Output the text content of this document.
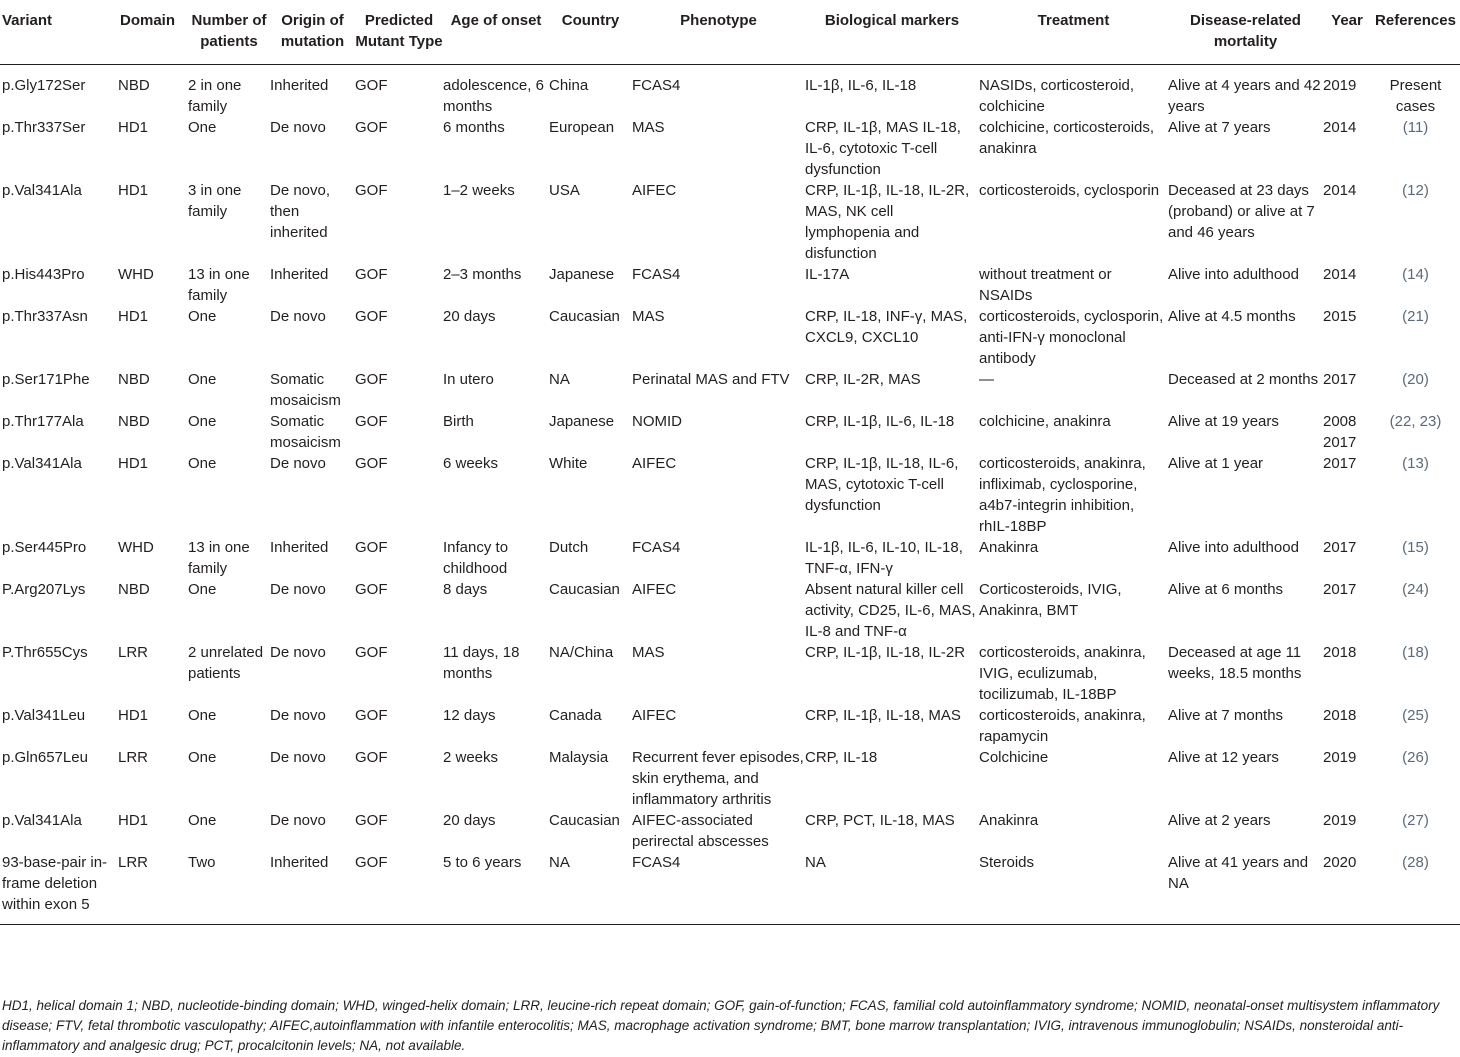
Variant	Domain	Number of patients	Origin of mutation	Predicted Mutant Type	Age of onset	Country	Phenotype	Biological markers	Treatment	Disease-related mortality	Year	References
p.Gly172Ser	NBD	2 in one family	Inherited	GOF	adolescence, 6 months	China	FCAS4	IL-1β, IL-6, IL-18	NASIDs, corticosteroid, colchicine	Alive at 4 years and 42 years	2019	Present cases
p.Thr337Ser	HD1	One	De novo	GOF	6 months	European	MAS	CRP, IL-1β, MAS IL-18, IL-6, cytotoxic T-cell dysfunction	colchicine, corticosteroids, anakinra	Alive at 7 years	2014	(11)
p.Val341Ala	HD1	3 in one family	De novo, then inherited	GOF	1–2 weeks	USA	AIFEC	CRP, IL-1β, IL-18, IL-2R, MAS, NK cell lymphopenia and disfunction	corticosteroids, cyclosporin	Deceased at 23 days (proband) or alive at 7 and 46 years	2014	(12)
p.His443Pro	WHD	13 in one family	Inherited	GOF	2–3 months	Japanese	FCAS4	IL-17A	without treatment or NSAIDs	Alive into adulthood	2014	(14)
p.Thr337Asn	HD1	One	De novo	GOF	20 days	Caucasian	MAS	CRP, IL-18, INF-γ, MAS, CXCL9, CXCL10	corticosteroids, cyclosporin, anti-IFN-γ monoclonal antibody	Alive at 4.5 months	2015	(21)
p.Ser171Phe	NBD	One	Somatic mosaicism	GOF	In utero	NA	Perinatal MAS and FTV	CRP, IL-2R, MAS	—	Deceased at 2 months	2017	(20)
p.Thr177Ala	NBD	One	Somatic mosaicism	GOF	Birth	Japanese	NOMID	CRP, IL-1β, IL-6, IL-18	colchicine, anakinra	Alive at 19 years	2008 2017	(22, 23)
p.Val341Ala	HD1	One	De novo	GOF	6 weeks	White	AIFEC	CRP, IL-1β, IL-18, IL-6, MAS, cytotoxic T-cell dysfunction	corticosteroids, anakinra, infliximab, cyclosporine, a4b7-integrin inhibition, rhIL-18BP	Alive at 1 year	2017	(13)
p.Ser445Pro	WHD	13 in one family	Inherited	GOF	Infancy to childhood	Dutch	FCAS4	IL-1β, IL-6, IL-10, IL-18, TNF-α, IFN-γ	Anakinra	Alive into adulthood	2017	(15)
P.Arg207Lys	NBD	One	De novo	GOF	8 days	Caucasian	AIFEC	Absent natural killer cell activity, CD25, IL-6, MAS, IL-8 and TNF-α	Corticosteroids, IVIG, Anakinra, BMT	Alive at 6 months	2017	(24)
P.Thr655Cys	LRR	2 unrelated patients	De novo	GOF	11 days, 18 months	NA/China	MAS	CRP, IL-1β, IL-18, IL-2R	corticosteroids, anakinra, IVIG, eculizumab, tocilizumab, IL-18BP	Deceased at age 11 weeks, 18.5 months	2018	(18)
p.Val341Leu	HD1	One	De novo	GOF	12 days	Canada	AIFEC	CRP, IL-1β, IL-18, MAS	corticosteroids, anakinra, rapamycin	Alive at 7 months	2018	(25)
p.Gln657Leu	LRR	One	De novo	GOF	2 weeks	Malaysia	Recurrent fever episodes, skin erythema, and inflammatory arthritis	CRP, IL-18	Colchicine	Alive at 12 years	2019	(26)
p.Val341Ala	HD1	One	De novo	GOF	20 days	Caucasian	AIFEC-associated perirectal abscesses	CRP, PCT, IL-18, MAS	Anakinra	Alive at 2 years	2019	(27)
93-base-pair in-frame deletion within exon 5	LRR	Two	Inherited	GOF	5 to 6 years	NA	FCAS4	NA	Steroids	Alive at 41 years and NA	2020	(28)
HD1, helical domain 1; NBD, nucleotide-binding domain; WHD, winged-helix domain; LRR, leucine-rich repeat domain; GOF, gain-of-function; FCAS, familial cold autoinflammatory syndrome; NOMID, neonatal-onset multisystem inflammatory disease; FTV, fetal thrombotic vasculopathy; AIFEC,autoinflammation with infantile enterocolitis; MAS, macrophage activation syndrome; BMT, bone marrow transplantation; IVIG, intravenous immunoglobulin; NSAIDs, nonsteroidal anti-inflammatory and analgesic drug; PCT, procalcitonin levels; NA, not available.
